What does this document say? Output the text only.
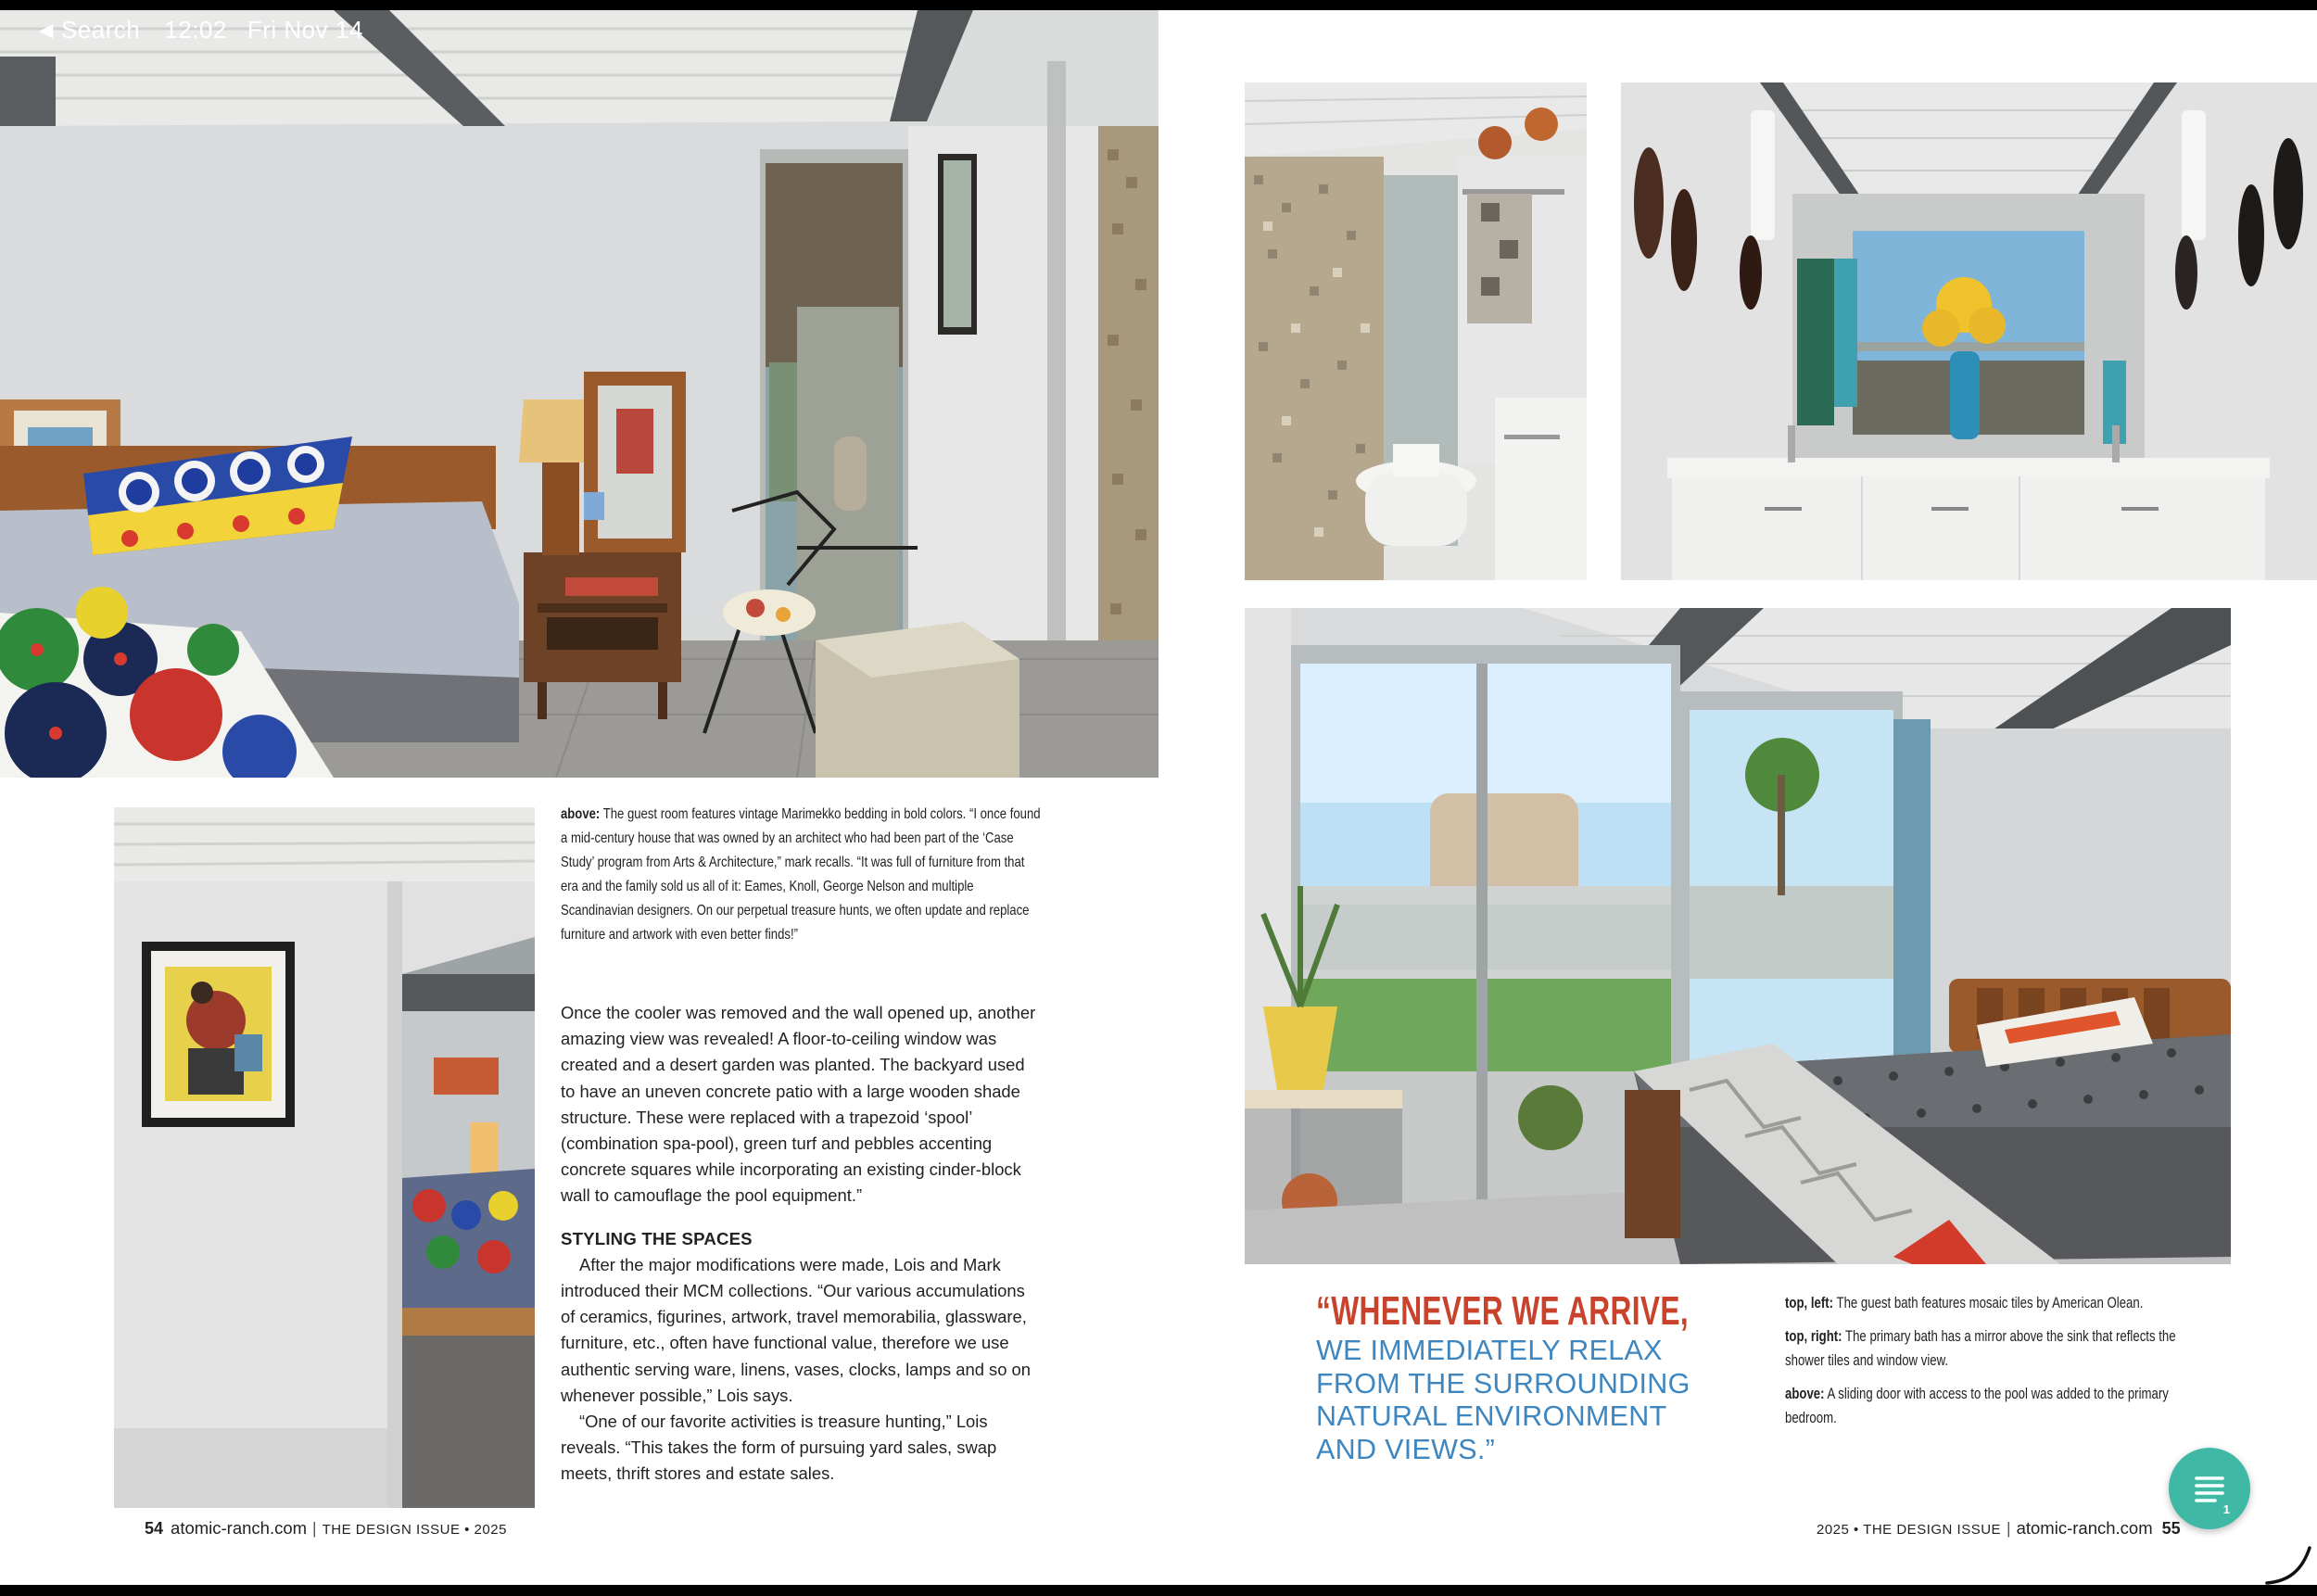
◀ Search 12:02 Fri Nov 14
above: The guest room features vintage Marimekko bedding in bold colors. “I once found a mid-century house that was owned by an architect who had been part of the ‘Case Study’ program from Arts & Architecture,” mark recalls. “It was full of furniture from that era and the family sold us all of it: Eames, Knoll, George Nelson and multiple Scandinavian designers. On our perpetual treasure hunts, we often update and replace furniture and artwork with even better finds!”

Once the cooler was removed and the wall opened up, another amazing view was revealed! A floor-to-ceiling window was created and a desert garden was planted. The backyard used to have an uneven concrete patio with a large wooden shade structure. These were replaced with a trapezoid ‘spool’ (combination spa-pool), green turf and pebbles accenting concrete squares while incorporating an existing cinder-block wall to camouflage the pool equipment.”

STYLING THE SPACES

After the major modifications were made, Lois and Mark introduced their MCM collections. “Our various accumulations of ceramics, figurines, artwork, travel memorabilia, glassware, furniture, etc., often have functional value, therefore we use authentic serving ware, linens, vases, clocks, lamps and so on whenever possible,” Lois says.

“One of our favorite activities is treasure hunting,” Lois reveals. “This takes the form of pursuing yard sales, swap meets, thrift stores and estate sales.

54 atomic-ranch.com | THE DESIGN ISSUE • 2025
“WHENEVER WE ARRIVE,
WE IMMEDIATELY RELAX
FROM THE SURROUNDING
NATURAL ENVIRONMENT
AND VIEWS.”
top, left: The guest bath features mosaic tiles by American Olean.
top, right: The primary bath has a mirror above the sink that reflects the shower tiles and window view.
above: A sliding door with access to the pool was added to the primary bedroom.
2025 • THE DESIGN ISSUE | atomic-ranch.com 55
1
